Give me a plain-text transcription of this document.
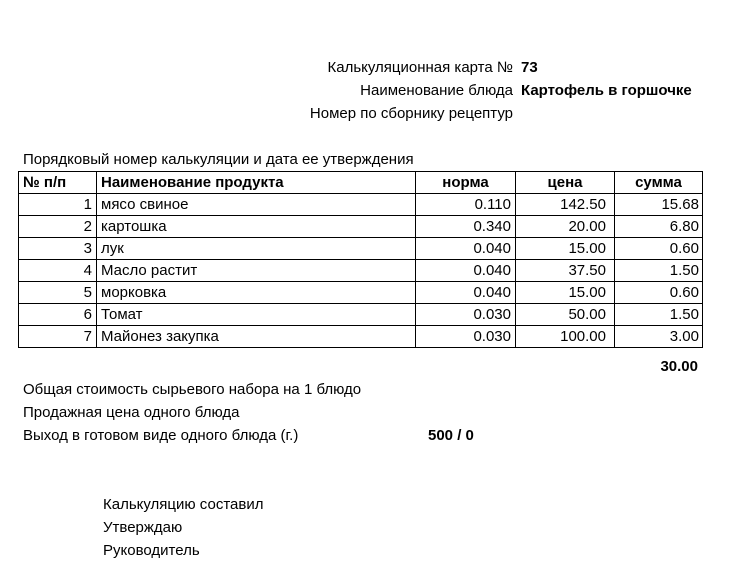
Калькуляционная карта № 73
Наименование блюда Картофель в горшочке
Номер по сборнику рецептур
Порядковый номер калькуляции и дата ее утверждения
№ п/п	Наименование продукта	норма	цена	сумма
1	мясо свиное	0.110	142.50	15.68
2	картошка	0.340	20.00	6.80
3	лук	0.040	15.00	0.60
4	Масло растит	0.040	37.50	1.50
5	морковка	0.040	15.00	0.60
6	Томат	0.030	50.00	1.50
7	Майонез закупка	0.030	100.00	3.00
30.00
Общая стоимость сырьевого набора на 1 блюдо
Продажная цена одного блюда
Выход в готовом виде одного блюда (г.)	500 / 0
Калькуляцию составил
Утверждаю
Руководитель
